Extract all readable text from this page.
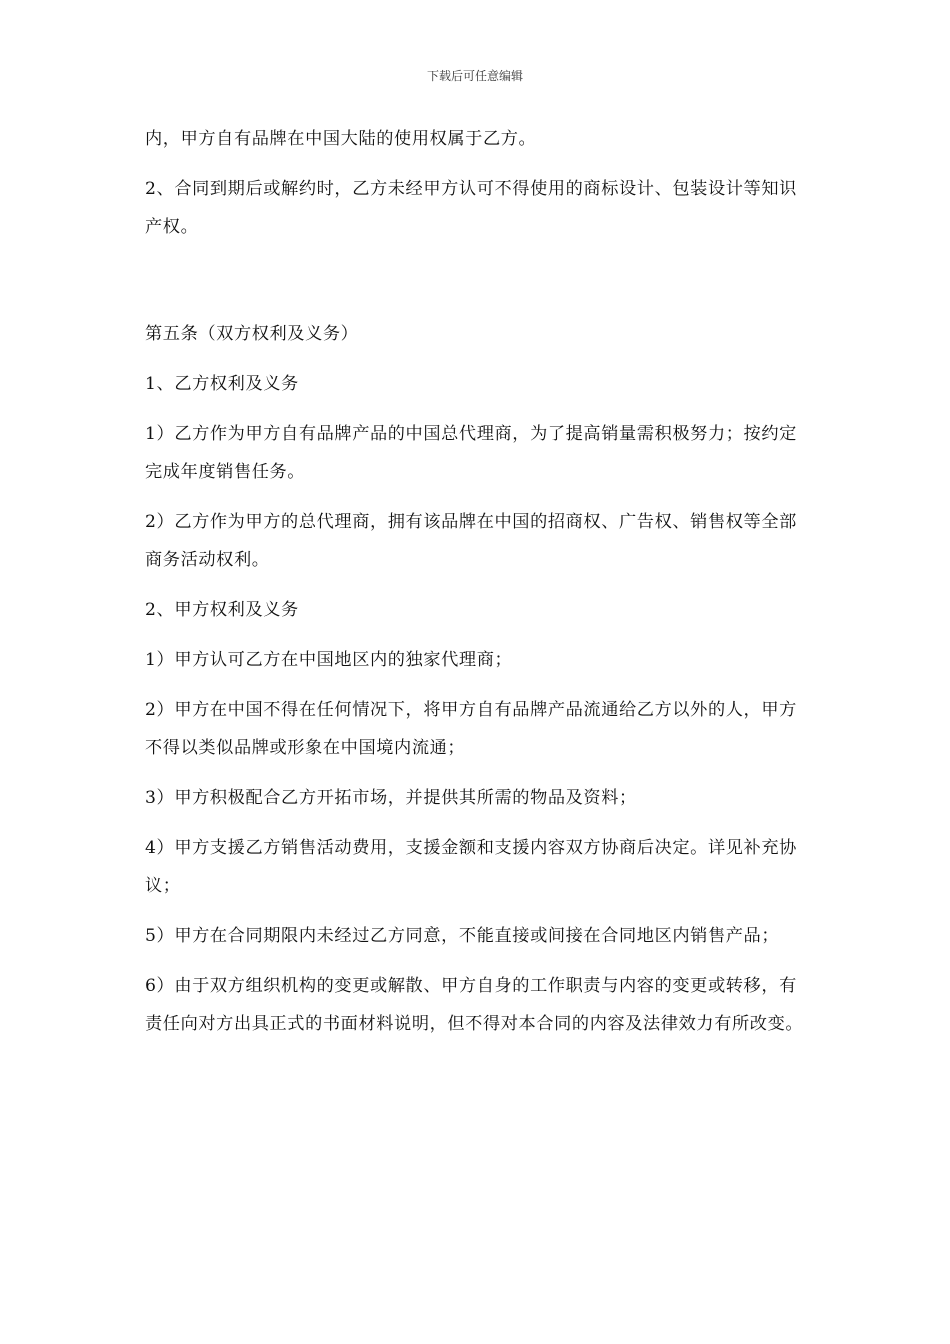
下载后可任意编辑

内，甲方自有品牌在中国大陆的使用权属于乙方。

2、合同到期后或解约时，乙方未经甲方认可不得使用的商标设计、包装设计等知识产权。

第五条（双方权利及义务）

1、乙方权利及义务

1）乙方作为甲方自有品牌产品的中国总代理商，为了提高销量需积极努力；按约定完成年度销售任务。

2）乙方作为甲方的总代理商，拥有该品牌在中国的招商权、广告权、销售权等全部商务活动权利。

2、甲方权利及义务

1）甲方认可乙方在中国地区内的独家代理商；

2）甲方在中国不得在任何情况下，将甲方自有品牌产品流通给乙方以外的人，甲方不得以类似品牌或形象在中国境内流通；

3）甲方积极配合乙方开拓市场，并提供其所需的物品及资料；

4）甲方支援乙方销售活动费用，支援金额和支援内容双方协商后决定。详见补充协议；

5）甲方在合同期限内未经过乙方同意，不能直接或间接在合同地区内销售产品；

6）由于双方组织机构的变更或解散、甲方自身的工作职责与内容的变更或转移，有责任向对方出具正式的书面材料说明，但不得对本合同的内容及法律效力有所改变。
